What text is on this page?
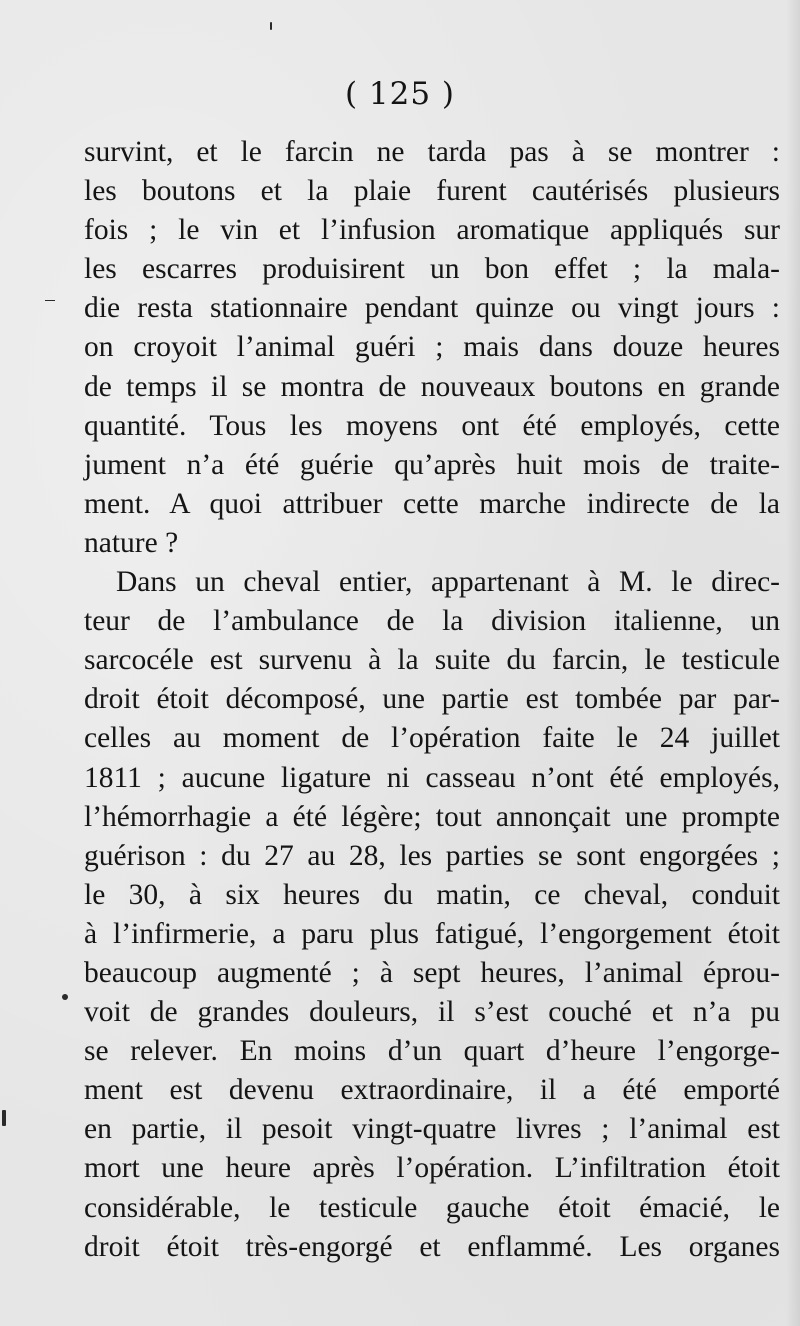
( 125 )
survint, et le farcin ne tarda pas à se montrer :
les boutons et la plaie furent cautérisés plusieurs
fois ; le vin et l’infusion aromatique appliqués sur
les escarres produisirent un bon effet ; la mala-
die resta stationnaire pendant quinze ou vingt jours :
on croyoit l’animal guéri ; mais dans douze heures
de temps il se montra de nouveaux boutons en grande
quantité. Tous les moyens ont été employés, cette
jument n’a été guérie qu’après huit mois de traite-
ment. A quoi attribuer cette marche indirecte de la
nature ?
Dans un cheval entier, appartenant à M. le direc-
teur de l’ambulance de la division italienne, un
sarcocéle est survenu à la suite du farcin, le testicule
droit étoit décomposé, une partie est tombée par par-
celles au moment de l’opération faite le 24 juillet
1811 ; aucune ligature ni casseau n’ont été employés,
l’hémorrhagie a été légère; tout annonçait une prompte
guérison : du 27 au 28, les parties se sont engorgées ;
le 30, à six heures du matin, ce cheval, conduit
à l’infirmerie, a paru plus fatigué, l’engorgement étoit
beaucoup augmenté ; à sept heures, l’animal éprou-
voit de grandes douleurs, il s’est couché et n’a pu
se relever. En moins d’un quart d’heure l’engorge-
ment est devenu extraordinaire, il a été emporté
en partie, il pesoit vingt-quatre livres ; l’animal est
mort une heure après l’opération. L’infiltration étoit
considérable, le testicule gauche étoit émacié, le
droit étoit très-engorgé et enflammé. Les organes
